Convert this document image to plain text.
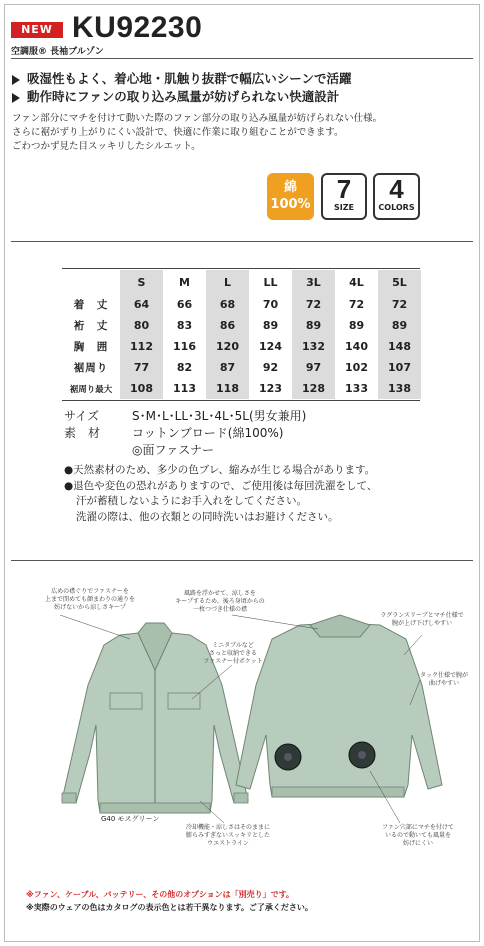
NEW KU92230
空調服® 長袖ブルゾン
吸湿性もよく、着心地・肌触り抜群で幅広いシーンで活躍
動作時にファンの取り込み風量が妨げられない快適設計
ファン部分にマチを付けて動いた際のファン部分の取り込み風量が妨げられない仕様。
さらに裾がずり上がりにくい設計で、快適に作業に取り組むことができます。
ごわつかず見た目スッキリしたシルエット。
綿
100%
7
SIZE
4
COLORS
	S	M	L	LL	3L	4L	5L
着　丈	64	66	68	70	72	72	72
裄　丈	80	83	86	89	89	89	89
胸　囲	112	116	120	124	132	140	148
裾周り	77	82	87	92	97	102	107
裾周り最大	108	113	118	123	128	133	138
サイズ	S･M･L･LL･3L･4L･5L(男女兼用)
素　材	コットンブロード(綿100%)
◎面ファスナー
●天然素材のため、多少の色ブレ、縮みが生じる場合があります。
●退色や変色の恐れがありますので、ご使用後は毎回洗濯をして、
汗が蓄積しないようにお手入れをしてください。
洗濯の際は、他の衣類との同時洗いはお避けください。
広めの襟ぐりでファスナーを
上まで閉めても顔まわりの通りを
妨げないから涼しさキープ
ミニタブルなど
さっと収納できる
ファスナー付ポケット
風路を浮かせて、涼しさを
キープするため、後ろ身頃からの
一枚つづき仕様の襟
ラグランスリーブとマチ仕様で
腕が上げ下げしやすい
タック仕様で腕が
曲げやすい
冷却機能・涼しさはそのままに
膨らみすぎないスッキリとした
ウエストライン
ファン穴部にマチを付けて
いるので動いても風量を
妨げにくい
G40 モスグリーン
※ファン、ケーブル、バッテリー、その他のオプションは「別売り」です。
※実際のウェアの色はカタログの表示色とは若干異なります。ご了承ください。
